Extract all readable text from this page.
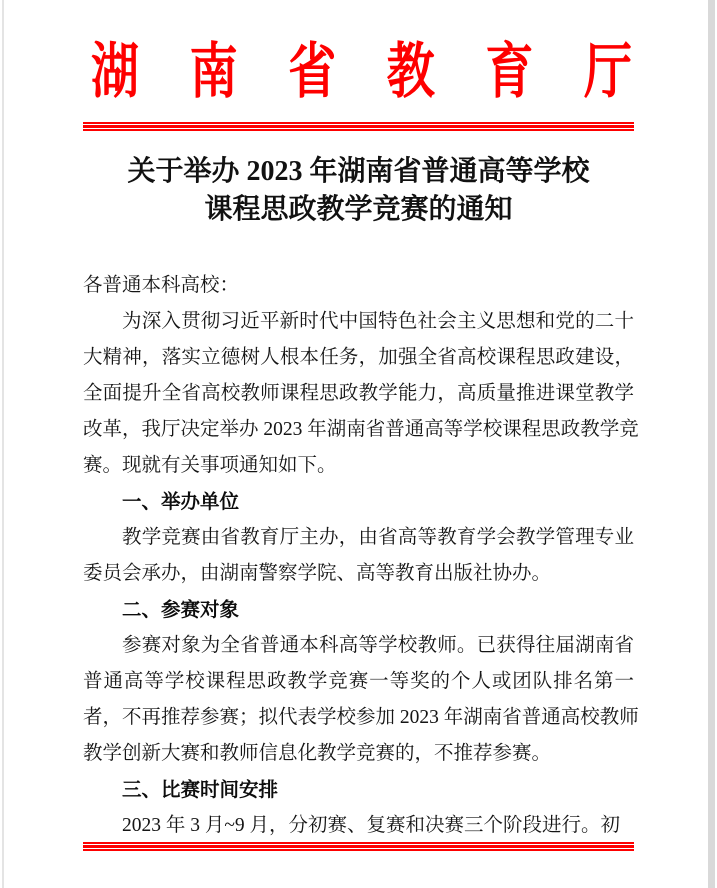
湖 南 省 教 育 厅
关于举办 2023 年湖南省普通高等学校
课程思政教学竞赛的通知
各普通本科高校：
为深入贯彻习近平新时代中国特色社会主义思想和党的二十
大精神，落实立德树人根本任务，加强全省高校课程思政建设，
全面提升全省高校教师课程思政教学能力，高质量推进课堂教学
改革，我厅决定举办 2023 年湖南省普通高等学校课程思政教学竞
赛。现就有关事项通知如下。
一、举办单位
教学竞赛由省教育厅主办，由省高等教育学会教学管理专业
委员会承办，由湖南警察学院、高等教育出版社协办。
二、参赛对象
参赛对象为全省普通本科高等学校教师。已获得往届湖南省
普通高等学校课程思政教学竞赛一等奖的个人或团队排名第一
者，不再推荐参赛；拟代表学校参加 2023 年湖南省普通高校教师
教学创新大赛和教师信息化教学竞赛的，不推荐参赛。
三、比赛时间安排
2023 年 3 月~9 月，分初赛、复赛和决赛三个阶段进行。初
